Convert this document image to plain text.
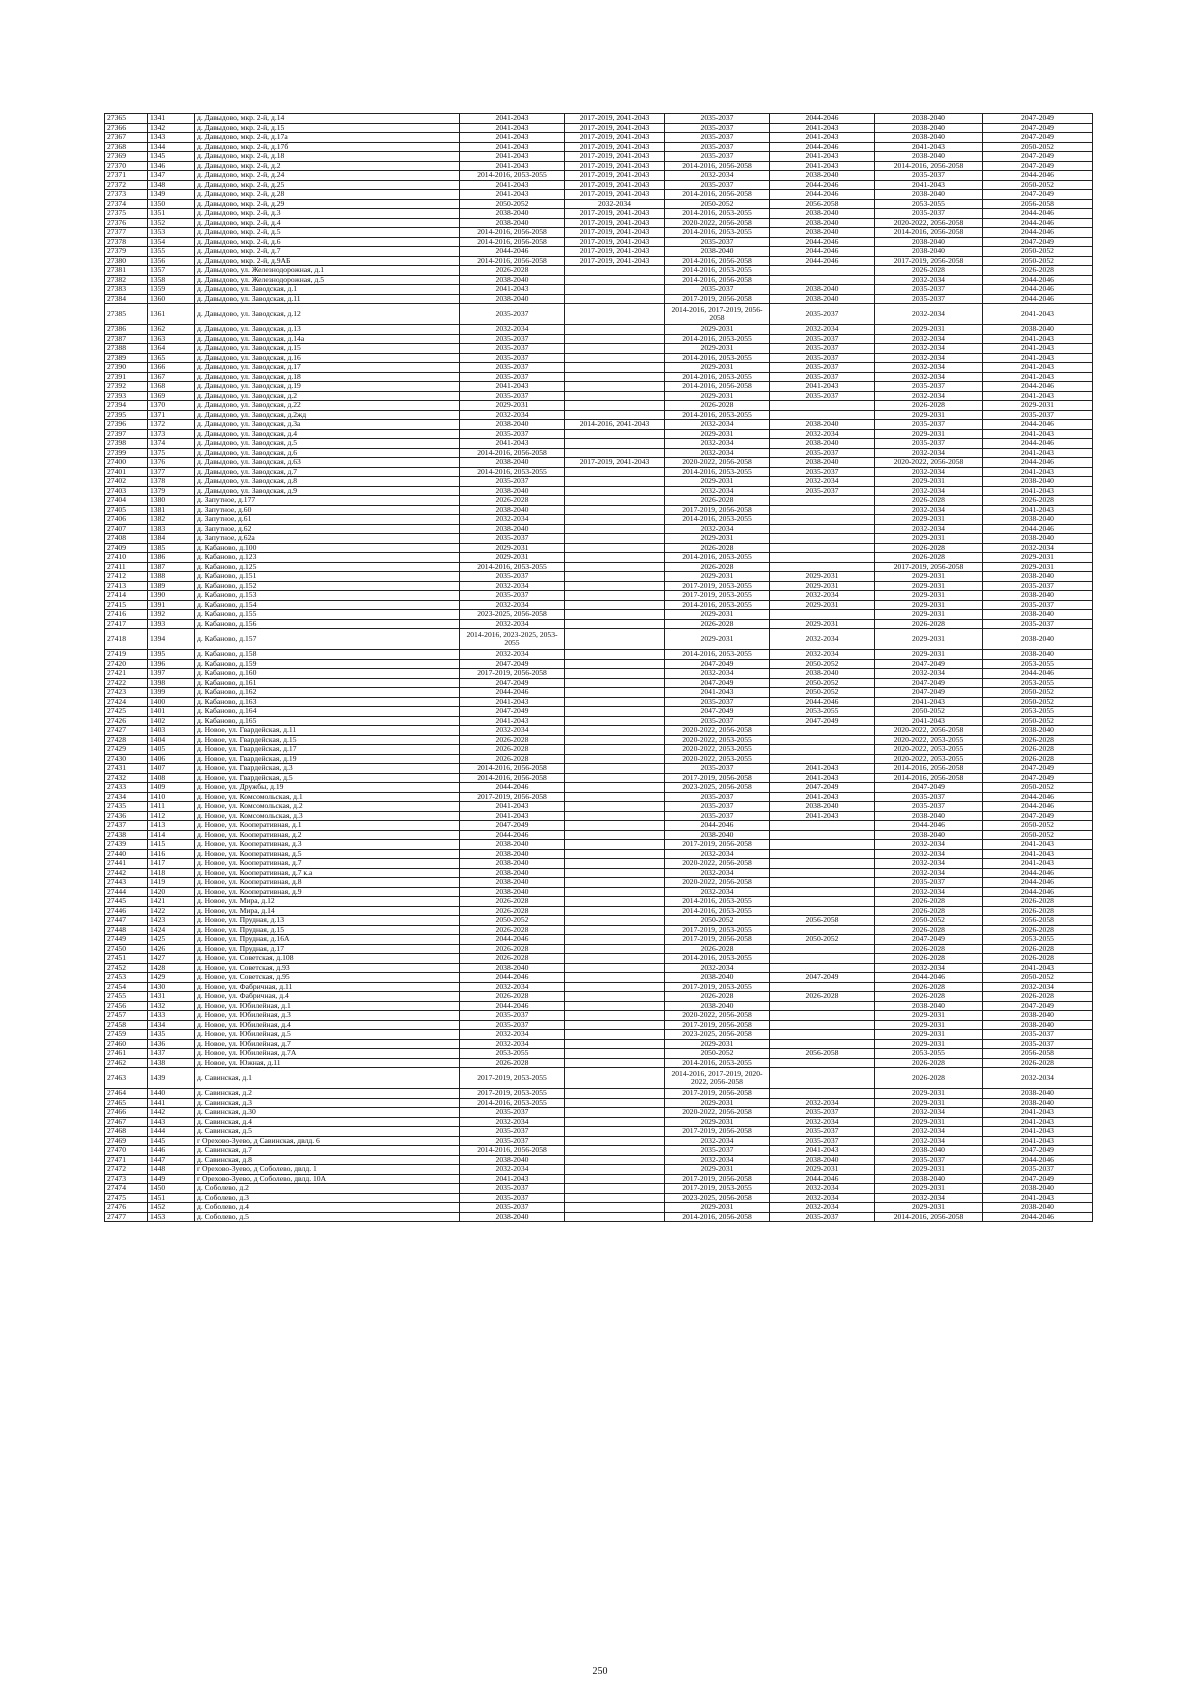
27365	1341	д. Давыдово, мкр. 2-й, д.14	2041-2043	2017-2019, 2041-2043	2035-2037	2044-2046	2038-2040	2047-2049
27366	1342	д. Давыдово, мкр. 2-й, д.15	2041-2043	2017-2019, 2041-2043	2035-2037	2041-2043	2038-2040	2047-2049
27367	1343	д. Давыдово, мкр. 2-й, д.17а	2041-2043	2017-2019, 2041-2043	2035-2037	2041-2043	2038-2040	2047-2049
27368	1344	д. Давыдово, мкр. 2-й, д.17б	2041-2043	2017-2019, 2041-2043	2035-2037	2044-2046	2041-2043	2050-2052
27369	1345	д. Давыдово, мкр. 2-й, д.18	2041-2043	2017-2019, 2041-2043	2035-2037	2041-2043	2038-2040	2047-2049
27370	1346	д. Давыдово, мкр. 2-й, д.2	2041-2043	2017-2019, 2041-2043	2014-2016, 2056-2058	2041-2043	2014-2016, 2056-2058	2047-2049
27371	1347	д. Давыдово, мкр. 2-й, д.24	2014-2016, 2053-2055	2017-2019, 2041-2043	2032-2034	2038-2040	2035-2037	2044-2046
27372	1348	д. Давыдово, мкр. 2-й, д.25	2041-2043	2017-2019, 2041-2043	2035-2037	2044-2046	2041-2043	2050-2052
27373	1349	д. Давыдово, мкр. 2-й, д.28	2041-2043	2017-2019, 2041-2043	2014-2016, 2056-2058	2044-2046	2038-2040	2047-2049
27374	1350	д. Давыдово, мкр. 2-й, д.29	2050-2052	2032-2034	2050-2052	2056-2058	2053-2055	2056-2058
27375	1351	д. Давыдово, мкр. 2-й, д.3	2038-2040	2017-2019, 2041-2043	2014-2016, 2053-2055	2038-2040	2035-2037	2044-2046
27376	1352	д. Давыдово, мкр. 2-й, д.4	2038-2040	2017-2019, 2041-2043	2020-2022, 2056-2058	2038-2040	2020-2022, 2056-2058	2044-2046
27377	1353	д. Давыдово, мкр. 2-й, д.5	2014-2016, 2056-2058	2017-2019, 2041-2043	2014-2016, 2053-2055	2038-2040	2014-2016, 2056-2058	2044-2046
27378	1354	д. Давыдово, мкр. 2-й, д.6	2014-2016, 2056-2058	2017-2019, 2041-2043	2035-2037	2044-2046	2038-2040	2047-2049
27379	1355	д. Давыдово, мкр. 2-й, д.7	2044-2046	2017-2019, 2041-2043	2038-2040	2044-2046	2038-2040	2050-2052
27380	1356	д. Давыдово, мкр. 2-й, д.9АБ	2014-2016, 2056-2058	2017-2019, 2041-2043	2014-2016, 2056-2058	2044-2046	2017-2019, 2056-2058	2050-2052
27381	1357	д. Давыдово, ул. Железнодорожная, д.1	2026-2028		2014-2016, 2053-2055		2026-2028	2026-2028
27382	1358	д. Давыдово, ул. Железнодорожная, д.5	2038-2040		2014-2016, 2056-2058		2032-2034	2044-2046
27383	1359	д. Давыдово, ул. Заводская, д.1	2041-2043		2035-2037	2038-2040	2035-2037	2044-2046
27384	1360	д. Давыдово, ул. Заводская, д.11	2038-2040		2017-2019, 2056-2058	2038-2040	2035-2037	2044-2046
27385	1361	д. Давыдово, ул. Заводская, д.12	2035-2037		2014-2016, 2017-2019, 2056-2058	2035-2037	2032-2034	2041-2043
27386	1362	д. Давыдово, ул. Заводская, д.13	2032-2034		2029-2031	2032-2034	2029-2031	2038-2040
27387	1363	д. Давыдово, ул. Заводская, д.14а	2035-2037		2014-2016, 2053-2055	2035-2037	2032-2034	2041-2043
27388	1364	д. Давыдово, ул. Заводская, д.15	2035-2037		2029-2031	2035-2037	2032-2034	2041-2043
27389	1365	д. Давыдово, ул. Заводская, д.16	2035-2037		2014-2016, 2053-2055	2035-2037	2032-2034	2041-2043
27390	1366	д. Давыдово, ул. Заводская, д.17	2035-2037		2029-2031	2035-2037	2032-2034	2041-2043
27391	1367	д. Давыдово, ул. Заводская, д.18	2035-2037		2014-2016, 2053-2055	2035-2037	2032-2034	2041-2043
27392	1368	д. Давыдово, ул. Заводская, д.19	2041-2043		2014-2016, 2056-2058	2041-2043	2035-2037	2044-2046
27393	1369	д. Давыдово, ул. Заводская, д.2	2035-2037		2029-2031	2035-2037	2032-2034	2041-2043
27394	1370	д. Давыдово, ул. Заводская, д.22	2029-2031		2026-2028		2026-2028	2029-2031
27395	1371	д. Давыдово, ул. Заводская, д.2жд	2032-2034		2014-2016, 2053-2055		2029-2031	2035-2037
27396	1372	д. Давыдово, ул. Заводская, д.3а	2038-2040	2014-2016, 2041-2043	2032-2034	2038-2040	2035-2037	2044-2046
27397	1373	д. Давыдово, ул. Заводская, д.4	2035-2037		2029-2031	2032-2034	2029-2031	2041-2043
27398	1374	д. Давыдово, ул. Заводская, д.5	2041-2043		2032-2034	2038-2040	2035-2037	2044-2046
27399	1375	д. Давыдово, ул. Заводская, д.6	2014-2016, 2056-2058		2032-2034	2035-2037	2032-2034	2041-2043
27400	1376	д. Давыдово, ул. Заводская, д.63	2038-2040	2017-2019, 2041-2043	2020-2022, 2056-2058	2038-2040	2020-2022, 2056-2058	2044-2046
27401	1377	д. Давыдово, ул. Заводская, д.7	2014-2016, 2053-2055		2014-2016, 2053-2055	2035-2037	2032-2034	2041-2043
27402	1378	д. Давыдово, ул. Заводская, д.8	2035-2037		2029-2031	2032-2034	2029-2031	2038-2040
27403	1379	д. Давыдово, ул. Заводская, д.9	2038-2040		2032-2034	2035-2037	2032-2034	2041-2043
27404	1380	д. Запутное, д.177	2026-2028		2026-2028		2026-2028	2026-2028
27405	1381	д. Запутное, д.60	2038-2040		2017-2019, 2056-2058		2032-2034	2041-2043
27406	1382	д. Запутное, д.61	2032-2034		2014-2016, 2053-2055		2029-2031	2038-2040
27407	1383	д. Запутное, д.62	2038-2040		2032-2034		2032-2034	2044-2046
27408	1384	д. Запутное, д.62а	2035-2037		2029-2031		2029-2031	2038-2040
27409	1385	д. Кабаново, д.100	2029-2031		2026-2028		2026-2028	2032-2034
27410	1386	д. Кабаново, д.123	2029-2031		2014-2016, 2053-2055		2026-2028	2029-2031
27411	1387	д. Кабаново, д.125	2014-2016, 2053-2055		2026-2028		2017-2019, 2056-2058	2029-2031
27412	1388	д. Кабаново, д.151	2035-2037		2029-2031	2029-2031	2029-2031	2038-2040
27413	1389	д. Кабаново, д.152	2032-2034		2017-2019, 2053-2055	2029-2031	2029-2031	2035-2037
27414	1390	д. Кабаново, д.153	2035-2037		2017-2019, 2053-2055	2032-2034	2029-2031	2038-2040
27415	1391	д. Кабаново, д.154	2032-2034		2014-2016, 2053-2055	2029-2031	2029-2031	2035-2037
27416	1392	д. Кабаново, д.155	2023-2025, 2056-2058		2029-2031		2029-2031	2038-2040
27417	1393	д. Кабаново, д.156	2032-2034		2026-2028	2029-2031	2026-2028	2035-2037
27418	1394	д. Кабаново, д.157	2014-2016, 2023-2025, 2053-2055		2029-2031	2032-2034	2029-2031	2038-2040
27419	1395	д. Кабаново, д.158	2032-2034		2014-2016, 2053-2055	2032-2034	2029-2031	2038-2040
27420	1396	д. Кабаново, д.159	2047-2049		2047-2049	2050-2052	2047-2049	2053-2055
27421	1397	д. Кабаново, д.160	2017-2019, 2056-2058		2032-2034	2038-2040	2032-2034	2044-2046
27422	1398	д. Кабаново, д.161	2047-2049		2047-2049	2050-2052	2047-2049	2053-2055
27423	1399	д. Кабаново, д.162	2044-2046		2041-2043	2050-2052	2047-2049	2050-2052
27424	1400	д. Кабаново, д.163	2041-2043		2035-2037	2044-2046	2041-2043	2050-2052
27425	1401	д. Кабаново, д.164	2047-2049		2047-2049	2053-2055	2050-2052	2053-2055
27426	1402	д. Кабаново, д.165	2041-2043		2035-2037	2047-2049	2041-2043	2050-2052
27427	1403	д. Новое, ул. Гвардейская, д.11	2032-2034		2020-2022, 2056-2058		2020-2022, 2056-2058	2038-2040
27428	1404	д. Новое, ул. Гвардейская, д.15	2026-2028		2020-2022, 2053-2055		2020-2022, 2053-2055	2026-2028
27429	1405	д. Новое, ул. Гвардейская, д.17	2026-2028		2020-2022, 2053-2055		2020-2022, 2053-2055	2026-2028
27430	1406	д. Новое, ул. Гвардейская, д.19	2026-2028		2020-2022, 2053-2055		2020-2022, 2053-2055	2026-2028
27431	1407	д. Новое, ул. Гвардейская, д.3	2014-2016, 2056-2058		2035-2037	2041-2043	2014-2016, 2056-2058	2047-2049
27432	1408	д. Новое, ул. Гвардейская, д.5	2014-2016, 2056-2058		2017-2019, 2056-2058	2041-2043	2014-2016, 2056-2058	2047-2049
27433	1409	д. Новое, ул. Дружбы, д.19	2044-2046		2023-2025, 2056-2058	2047-2049	2047-2049	2050-2052
27434	1410	д. Новое, ул. Комсомольская, д.1	2017-2019, 2056-2058		2035-2037	2041-2043	2035-2037	2044-2046
27435	1411	д. Новое, ул. Комсомольская, д.2	2041-2043		2035-2037	2038-2040	2035-2037	2044-2046
27436	1412	д. Новое, ул. Комсомольская, д.3	2041-2043		2035-2037	2041-2043	2038-2040	2047-2049
27437	1413	д. Новое, ул. Кооперативная, д.1	2047-2049		2044-2046		2044-2046	2050-2052
27438	1414	д. Новое, ул. Кооперативная, д.2	2044-2046		2038-2040		2038-2040	2050-2052
27439	1415	д. Новое, ул. Кооперативная, д.3	2038-2040		2017-2019, 2056-2058		2032-2034	2041-2043
27440	1416	д. Новое, ул. Кооперативная, д.5	2038-2040		2032-2034		2032-2034	2041-2043
27441	1417	д. Новое, ул. Кооперативная, д.7	2038-2040		2020-2022, 2056-2058		2032-2034	2041-2043
27442	1418	д. Новое, ул. Кооперативная, д.7 к.а	2038-2040		2032-2034		2032-2034	2044-2046
27443	1419	д. Новое, ул. Кооперативная, д.8	2038-2040		2020-2022, 2056-2058		2035-2037	2044-2046
27444	1420	д. Новое, ул. Кооперативная, д.9	2038-2040		2032-2034		2032-2034	2044-2046
27445	1421	д. Новое, ул. Мира, д.12	2026-2028		2014-2016, 2053-2055		2026-2028	2026-2028
27446	1422	д. Новое, ул. Мира, д.14	2026-2028		2014-2016, 2053-2055		2026-2028	2026-2028
27447	1423	д. Новое, ул. Прудная, д.13	2050-2052		2050-2052	2056-2058	2050-2052	2056-2058
27448	1424	д. Новое, ул. Прудная, д.15	2026-2028		2017-2019, 2053-2055		2026-2028	2026-2028
27449	1425	д. Новое, ул. Прудная, д.16А	2044-2046		2017-2019, 2056-2058	2050-2052	2047-2049	2053-2055
27450	1426	д. Новое, ул. Прудная, д.17	2026-2028		2026-2028		2026-2028	2026-2028
27451	1427	д. Новое, ул. Советская, д.108	2026-2028		2014-2016, 2053-2055		2026-2028	2026-2028
27452	1428	д. Новое, ул. Советская, д.93	2038-2040		2032-2034		2032-2034	2041-2043
27453	1429	д. Новое, ул. Советская, д.95	2044-2046		2038-2040	2047-2049	2044-2046	2050-2052
27454	1430	д. Новое, ул. Фабричная, д.11	2032-2034		2017-2019, 2053-2055		2026-2028	2032-2034
27455	1431	д. Новое, ул. Фабричная, д.4	2026-2028		2026-2028	2026-2028	2026-2028	2026-2028
27456	1432	д. Новое, ул. Юбилейная, д.1	2044-2046		2038-2040		2038-2040	2047-2049
27457	1433	д. Новое, ул. Юбилейная, д.3	2035-2037		2020-2022, 2056-2058		2029-2031	2038-2040
27458	1434	д. Новое, ул. Юбилейная, д.4	2035-2037		2017-2019, 2056-2058		2029-2031	2038-2040
27459	1435	д. Новое, ул. Юбилейная, д.5	2032-2034		2023-2025, 2056-2058		2029-2031	2035-2037
27460	1436	д. Новое, ул. Юбилейная, д.7	2032-2034		2029-2031		2029-2031	2035-2037
27461	1437	д. Новое, ул. Юбилейная, д.7А	2053-2055		2050-2052	2056-2058	2053-2055	2056-2058
27462	1438	д. Новое, ул. Южная, д.11	2026-2028		2014-2016, 2053-2055		2026-2028	2026-2028
27463	1439	д. Савинская, д.1	2017-2019, 2053-2055		2014-2016, 2017-2019, 2020-2022, 2056-2058		2026-2028	2032-2034
27464	1440	д. Савинская, д.2	2017-2019, 2053-2055		2017-2019, 2056-2058		2029-2031	2038-2040
27465	1441	д. Савинская, д.3	2014-2016, 2053-2055		2029-2031	2032-2034	2029-2031	2038-2040
27466	1442	д. Савинская, д.30	2035-2037		2020-2022, 2056-2058	2035-2037	2032-2034	2041-2043
27467	1443	д. Савинская, д.4	2032-2034		2029-2031	2032-2034	2029-2031	2041-2043
27468	1444	д. Савинская, д.5	2035-2037		2017-2019, 2056-2058	2035-2037	2032-2034	2041-2043
27469	1445	г Орехово-Зуево, д Савинская, двлд. 6	2035-2037		2032-2034	2035-2037	2032-2034	2041-2043
27470	1446	д. Савинская, д.7	2014-2016, 2056-2058		2035-2037	2041-2043	2038-2040	2047-2049
27471	1447	д. Савинская, д.8	2038-2040		2032-2034	2038-2040	2035-2037	2044-2046
27472	1448	г Орехово-Зуево, д Соболево, двлд. 1	2032-2034		2029-2031	2029-2031	2029-2031	2035-2037
27473	1449	г Орехово-Зуево, д Соболево, двлд. 10А	2041-2043		2017-2019, 2056-2058	2044-2046	2038-2040	2047-2049
27474	1450	д. Соболево, д.2	2035-2037		2017-2019, 2053-2055	2032-2034	2029-2031	2038-2040
27475	1451	д. Соболево, д.3	2035-2037		2023-2025, 2056-2058	2032-2034	2032-2034	2041-2043
27476	1452	д. Соболево, д.4	2035-2037		2029-2031	2032-2034	2029-2031	2038-2040
27477	1453	д. Соболево, д.5	2038-2040		2014-2016, 2056-2058	2035-2037	2014-2016, 2056-2058	2044-2046
250
